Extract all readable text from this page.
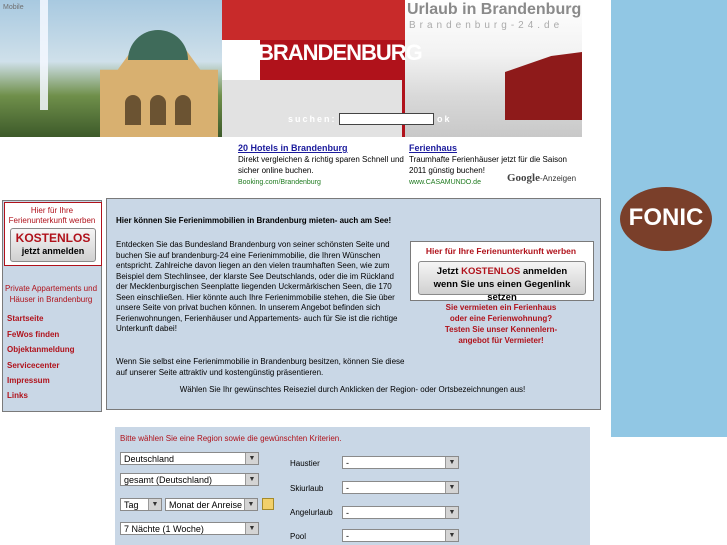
Mobile
BRANDENBURG
Urlaub in Brandenburg
Brandenburg-24.de
suchen:	ok
20 Hotels in Brandenburg
Direkt vergleichen & richtig sparen Schnell und sicher online buchen.
Booking.com/Brandenburg
Ferienhaus
Traumhafte Ferienhäuser jetzt für die Saison 2011 günstig buchen!
www.CASAMUNDO.de Google-Anzeigen
FONIC
Hier für Ihre Ferienunterkunft werben
KOSTENLOS
jetzt anmelden
Private Appartements und Häuser in Brandenburg
Startseite
FeWos finden
Objektanmeldung
Servicecenter
Impressum
Links
Hier können Sie Ferienimmobilien in Brandenburg mieten- auch am See!
Entdecken Sie das Bundesland Brandenburg von seiner schönsten Seite und buchen Sie auf brandenburg-24 eine Ferienimmobilie, die Ihren Wünschen entspricht. Zahlreiche davon liegen an den vielen traumhaften Seen, wie zum Beispiel dem Stechlinsee, der klarste See Deutschlands, oder die im Rückland der Mecklenburgischen Seenplatte liegenden Uckermärkischen Seen, die 170 Seen einschließen. Hier könnte auch Ihre Ferienimmobilie stehen, die Sie über unsere Seite von privat buchen können. In unserem Angebot befinden sich Ferienwohnungen, Ferienhäuser und Appartements- auch für Sie ist die richtige Unterkunft dabei!
Wenn Sie selbst eine Ferienimmobilie in Brandenburg besitzen, können Sie diese auf unserer Seite attraktiv und kostengünstig präsentieren.
Wählen Sie Ihr gewünschtes Reiseziel durch Anklicken der Region- oder Ortsbezeichnungen aus!
Hier für Ihre Ferienunterkunft werben
Jetzt KOSTENLOS anmelden
wenn Sie uns einen Gegenlink setzen
Sie vermieten ein Ferienhaus
oder eine Ferienwohnung?
Testen Sie unser Kennenlern-
angebot für Vermieter!
Bitte wählen Sie eine Region sowie die gewünschten Kriterien.
Deutschland	▼
gesamt (Deutschland)	▼
Tag	▼	Monat der Anreise ▼
7 Nächte (1 Woche)	▼
Haustier	-	▼
Skiurlaub	-	▼
Angelurlaub	-	▼
Pool	-	▼
